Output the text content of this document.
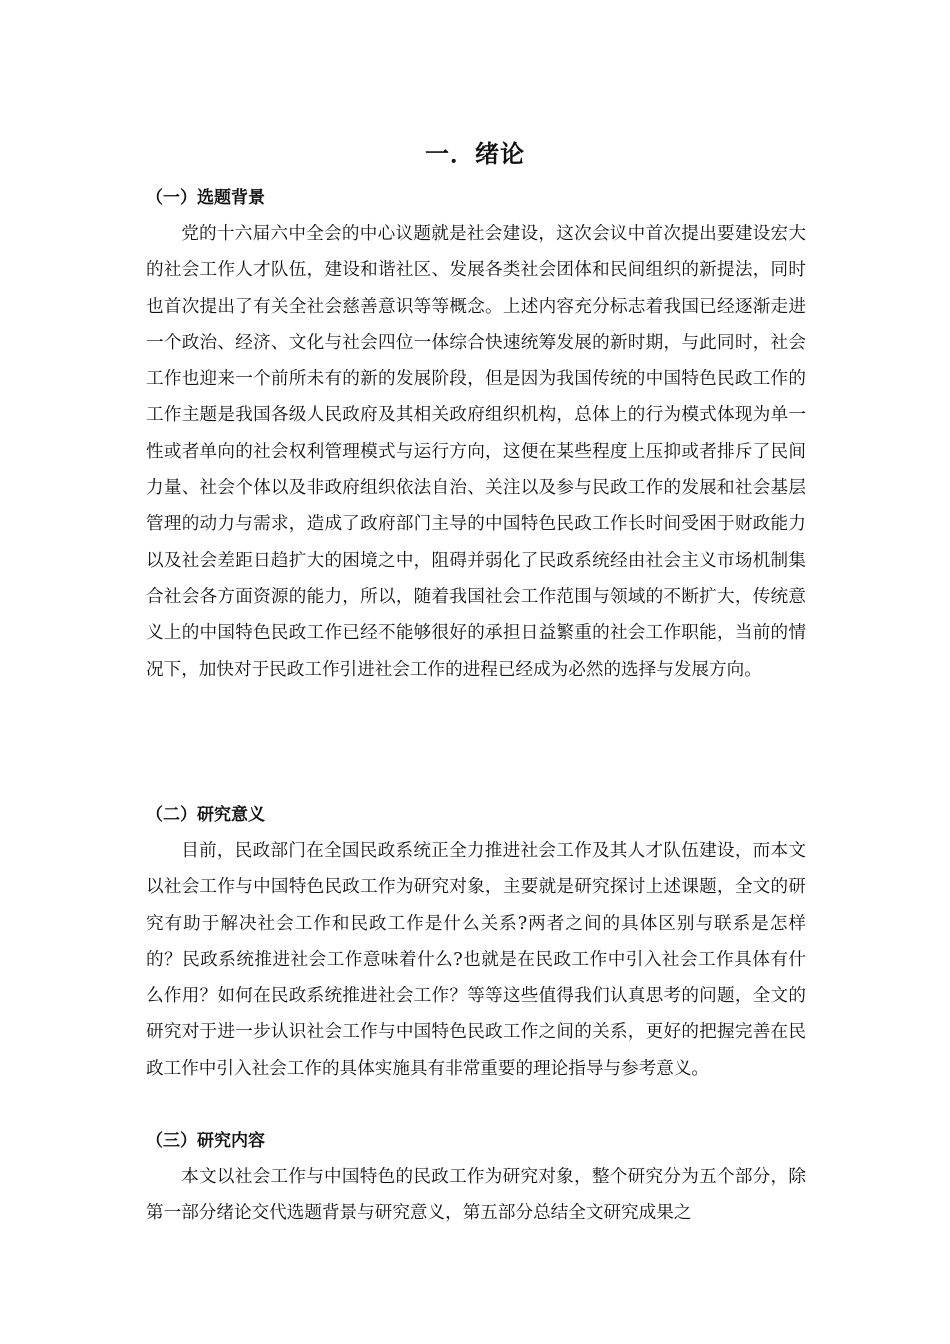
一．绪论
（一）选题背景

党的十六届六中全会的中心议题就是社会建设，这次会议中首次提出要建设宏大的社会工作人才队伍，建设和谐社区、发展各类社会团体和民间组织的新提法，同时也首次提出了有关全社会慈善意识等等概念。上述内容充分标志着我国已经逐渐走进一个政治、经济、文化与社会四位一体综合快速统筹发展的新时期，与此同时，社会工作也迎来一个前所未有的新的发展阶段，但是因为我国传统的中国特色民政工作的工作主题是我国各级人民政府及其相关政府组织机构，总体上的行为模式体现为单一性或者单向的社会权利管理模式与运行方向，这便在某些程度上压抑或者排斥了民间力量、社会个体以及非政府组织依法自治、关注以及参与民政工作的发展和社会基层管理的动力与需求，造成了政府部门主导的中国特色民政工作长时间受困于财政能力以及社会差距日趋扩大的困境之中，阻碍并弱化了民政系统经由社会主义市场机制集合社会各方面资源的能力，所以，随着我国社会工作范围与领域的不断扩大，传统意义上的中国特色民政工作已经不能够很好的承担日益繁重的社会工作职能，当前的情况下，加快对于民政工作引进社会工作的进程已经成为必然的选择与发展方向。

（二）研究意义

目前，民政部门在全国民政系统正全力推进社会工作及其人才队伍建设，而本文以社会工作与中国特色民政工作为研究对象，主要就是研究探讨上述课题，全文的研究有助于解决社会工作和民政工作是什么关系?两者之间的具体区别与联系是怎样的？民政系统推进社会工作意味着什么?也就是在民政工作中引入社会工作具体有什么作用？如何在民政系统推进社会工作？等等这些值得我们认真思考的问题，全文的研究对于进一步认识社会工作与中国特色民政工作之间的关系，更好的把握完善在民政工作中引入社会工作的具体实施具有非常重要的理论指导与参考意义。

（三）研究内容

本文以社会工作与中国特色的民政工作为研究对象，整个研究分为五个部分，除第一部分绪论交代选题背景与研究意义，第五部分总结全文研究成果之
